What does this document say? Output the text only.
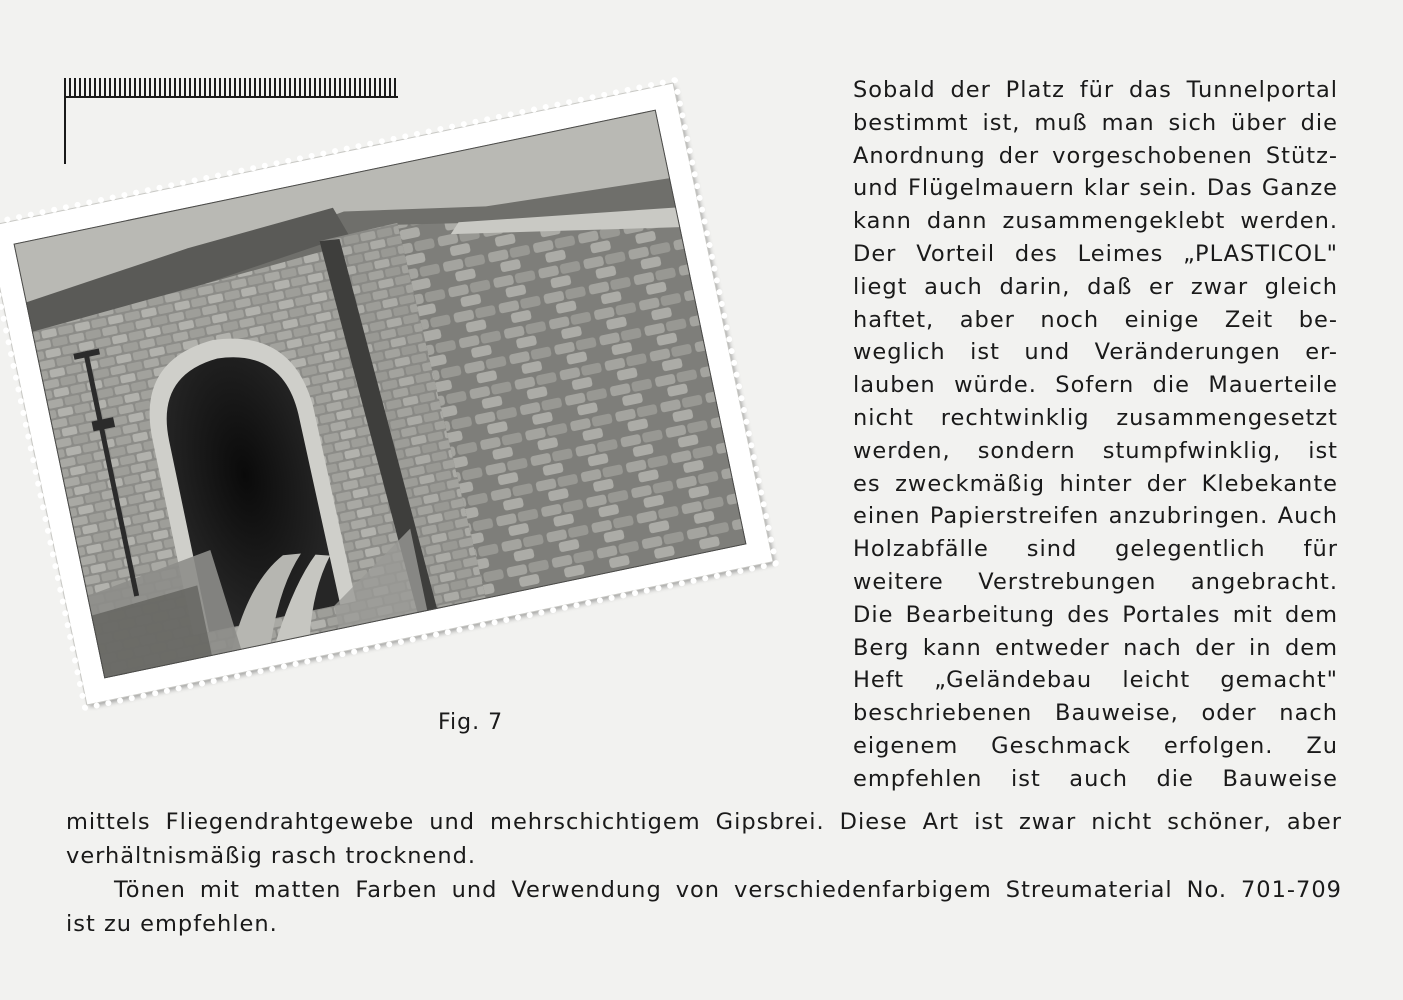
Fig. 7
Sobald der Platz für das Tunnelportal
bestimmt ist, muß man sich über die
Anordnung der vorgeschobenen Stütz-
und Flügelmauern klar sein. Das Ganze
kann dann zusammengeklebt werden.
Der Vorteil des Leimes „PLASTICOL"
liegt auch darin, daß er zwar gleich
haftet, aber noch einige Zeit be-
weglich ist und Veränderungen er-
lauben würde. Sofern die Mauerteile
nicht rechtwinklig zusammengesetzt
werden, sondern stumpfwinklig, ist
es zweckmäßig hinter der Klebekante
einen Papierstreifen anzubringen. Auch
Holzabfälle sind gelegentlich für
weitere Verstrebungen angebracht.
Die Bearbeitung des Portales mit dem
Berg kann entweder nach der in dem
Heft „Geländebau leicht gemacht"
beschriebenen Bauweise, oder nach
eigenem Geschmack erfolgen. Zu
empfehlen ist auch die Bauweise
mittels Fliegendrahtgewebe und mehrschichtigem Gipsbrei. Diese Art ist zwar nicht schöner, aber
verhältnismäßig rasch trocknend.
Tönen mit matten Farben und Verwendung von verschiedenfarbigem Streumaterial No. 701-709
ist zu empfehlen.
